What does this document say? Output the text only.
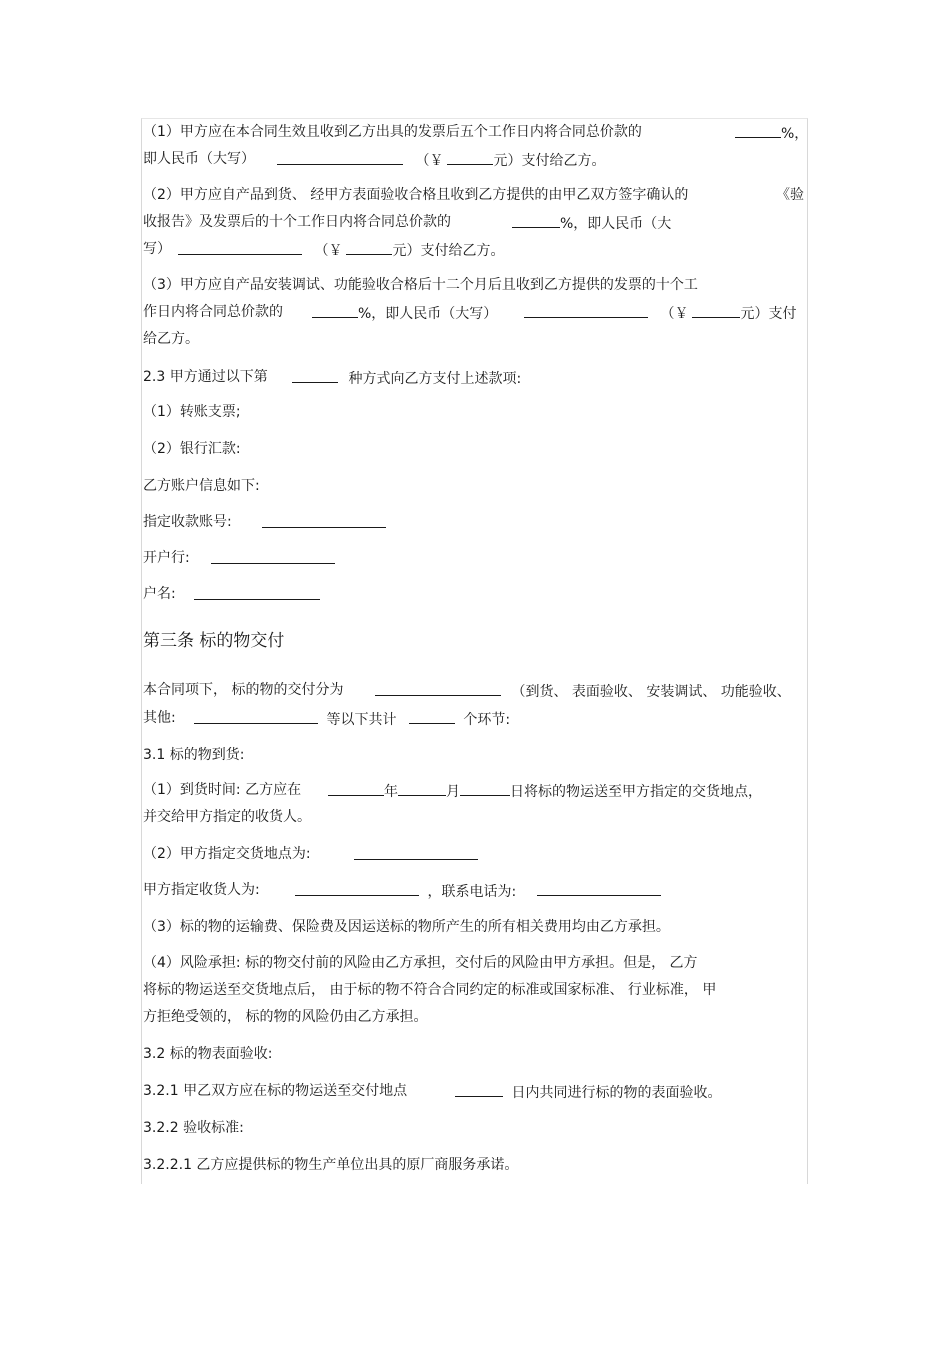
（1）甲方应在本合同生效且收到乙方出具的发票后五个工作日内将合同总价款的	%，
即人民币（大写）	（￥	元）支付给乙方。
（2）甲方应自产品到货、 经甲方表面验收合格且收到乙方提供的由甲乙双方签字确认的	《验
收报告》及发票后的十个工作日内将合同总价款的	%，即人民币（大
写）	（￥	元）支付给乙方。
（3）甲方应自产品安装调试、功能验收合格后十二个月后且收到乙方提供的发票的十个工
作日内将合同总价款的	%，即人民币（大写）	（￥	元）支付
给乙方。
2.3 甲方通过以下第	种方式向乙方支付上述款项:
（1）转账支票;
（2）银行汇款:
乙方账户信息如下:
指定收款账号:
开户行:
户名:
第三条 标的物交付
本合同项下， 标的物的交付分为	（到货、 表面验收、 安装调试、 功能验收、
其他:	等以下共计	个环节:
3.1 标的物到货:
（1）到货时间: 乙方应在	年	月	日将标的物运送至甲方指定的交货地点，
并交给甲方指定的收货人。
（2）甲方指定交货地点为:
甲方指定收货人为:	，联系电话为:
（3）标的物的运输费、保险费及因运送标的物所产生的所有相关费用均由乙方承担。
（4）风险承担: 标的物交付前的风险由乙方承担，交付后的风险由甲方承担。但是， 乙方
将标的物运送至交货地点后， 由于标的物不符合合同约定的标准或国家标准、 行业标准， 甲
方拒绝受领的， 标的物的风险仍由乙方承担。
3.2 标的物表面验收:
3.2.1 甲乙双方应在标的物运送至交付地点	日内共同进行标的物的表面验收。
3.2.2 验收标准:
3.2.2.1 乙方应提供标的物生产单位出具的原厂商服务承诺。
